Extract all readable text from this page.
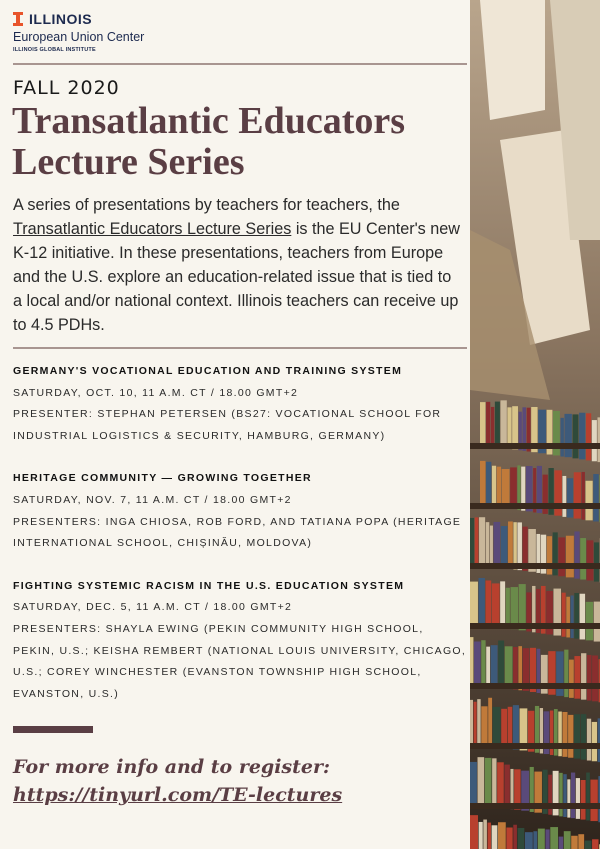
ILLINOIS
European Union Center
ILLINOIS GLOBAL INSTITUTE
FALL 2020
Transatlantic Educators
Lecture Series

A series of presentations by teachers for teachers, the Transatlantic Educators Lecture Series is the EU Center's new K-12 initiative. In these presentations, teachers from Europe and the U.S. explore an education-related issue that is tied to a local and/or national context. Illinois teachers can receive up to 4.5 PDHs.

GERMANY'S VOCATIONAL EDUCATION AND TRAINING SYSTEM
SATURDAY, OCT. 10, 11 A.M. CT / 18.00 GMT+2
PRESENTER: STEPHAN PETERSEN (BS27: VOCATIONAL SCHOOL FOR INDUSTRIAL LOGISTICS & SECURITY, HAMBURG, GERMANY)
HERITAGE COMMUNITY — GROWING TOGETHER
SATURDAY, NOV. 7, 11 A.M. CT / 18.00 GMT+2
PRESENTERS: INGA CHIOSA, ROB FORD, AND TATIANA POPA (HERITAGE INTERNATIONAL SCHOOL, CHIȘINĂU, MOLDOVA)
FIGHTING SYSTEMIC RACISM IN THE U.S. EDUCATION SYSTEM
SATURDAY, DEC. 5, 11 A.M. CT / 18.00 GMT+2
PRESENTERS: SHAYLA EWING (PEKIN COMMUNITY HIGH SCHOOL, PEKIN, U.S.; KEISHA REMBERT (NATIONAL LOUIS UNIVERSITY, CHICAGO, U.S.; COREY WINCHESTER (EVANSTON TOWNSHIP HIGH SCHOOL, EVANSTON, U.S.)
For more info and to register:
https://tinyurl.com/TE-lectures
